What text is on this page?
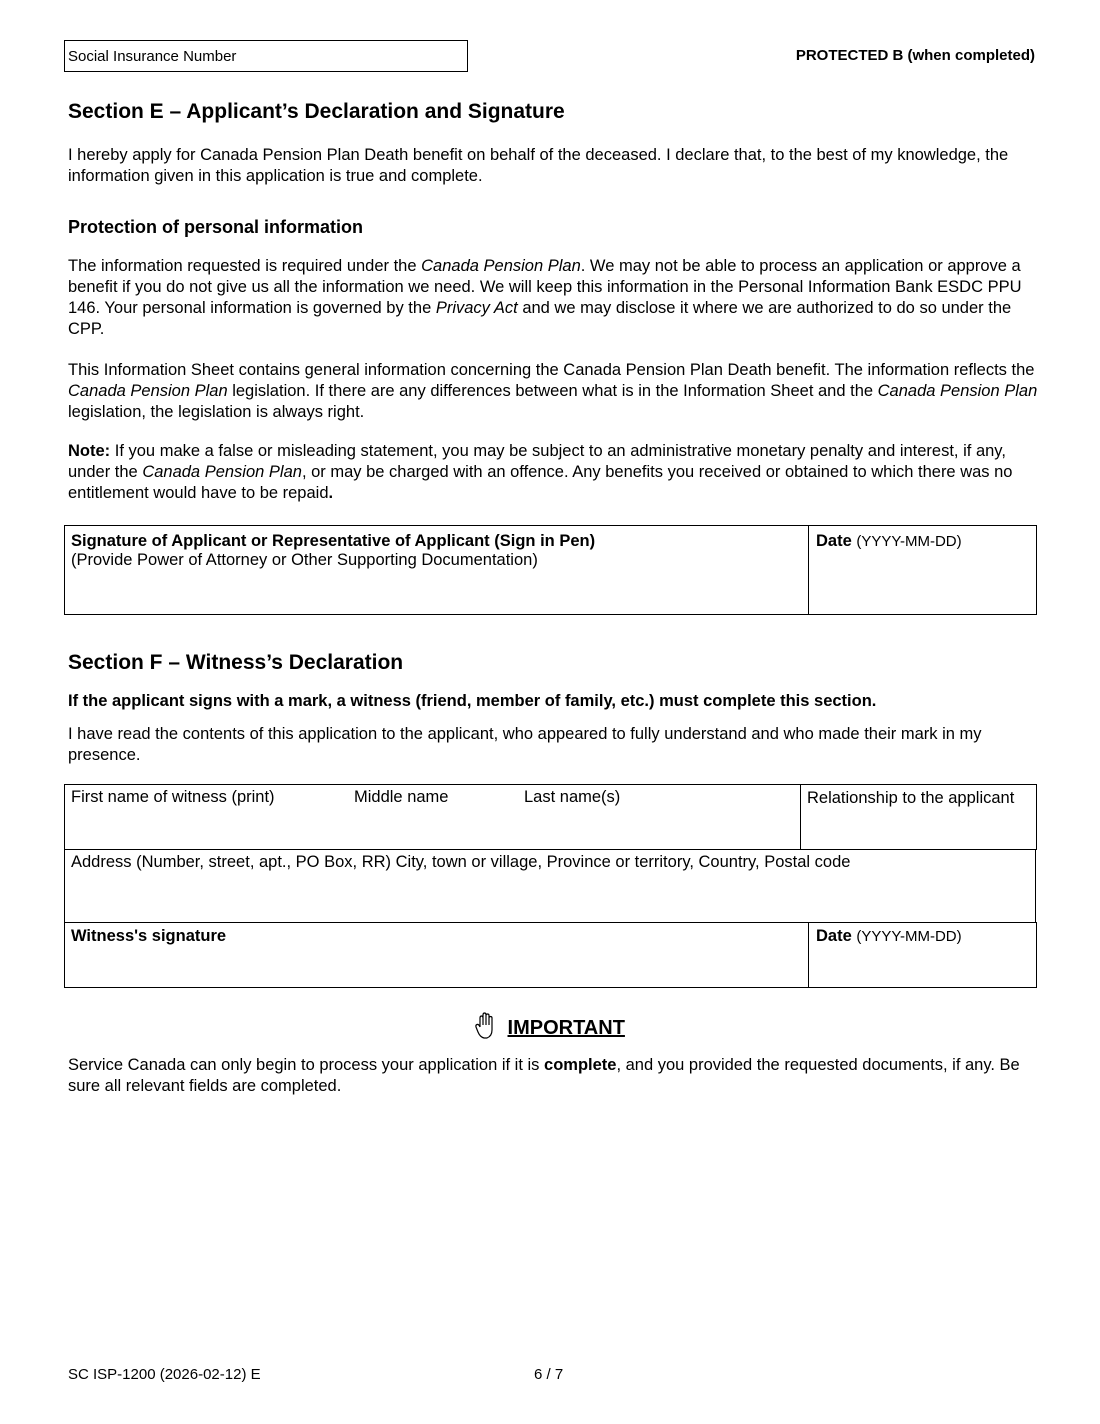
Social Insurance Number	PROTECTED B (when completed)
Section E – Applicant’s Declaration and Signature

I hereby apply for Canada Pension Plan Death benefit on behalf of the deceased. I declare that, to the best of my knowledge, the information given in this application is true and complete.

Protection of personal information

The information requested is required under the Canada Pension Plan. We may not be able to process an application or approve a benefit if you do not give us all the information we need. We will keep this information in the Personal Information Bank ESDC PPU 146. Your personal information is governed by the Privacy Act and we may disclose it where we are authorized to do so under the CPP.

This Information Sheet contains general information concerning the Canada Pension Plan Death benefit. The information reflects the Canada Pension Plan legislation. If there are any differences between what is in the Information Sheet and the Canada Pension Plan legislation, the legislation is always right.

Note: If you make a false or misleading statement, you may be subject to an administrative monetary penalty and interest, if any, under the Canada Pension Plan, or may be charged with an offence. Any benefits you received or obtained to which there was no entitlement would have to be repaid.

Signature of Applicant or Representative of Applicant (Sign in Pen)
(Provide Power of Attorney or Other Supporting Documentation)
	Date (YYYY-MM-DD)
Section F – Witness’s Declaration
If the applicant signs with a mark, a witness (friend, member of family, etc.) must complete this section.

I have read the contents of this application to the applicant, who appeared to fully understand and who made their mark in my presence.

First name of witness (print)	Middle name	Last name(s)	Relationship to the applicant
Address (Number, street, apt., PO Box, RR) City, town or village, Province or territory, Country, Postal code
Witness's signature	Date (YYYY-MM-DD)
IMPORTANT

Service Canada can only begin to process your application if it is complete, and you provided the requested documents, if any. Be sure all relevant fields are completed.

SC ISP-1200 (2026-02-12) E	6 / 7
